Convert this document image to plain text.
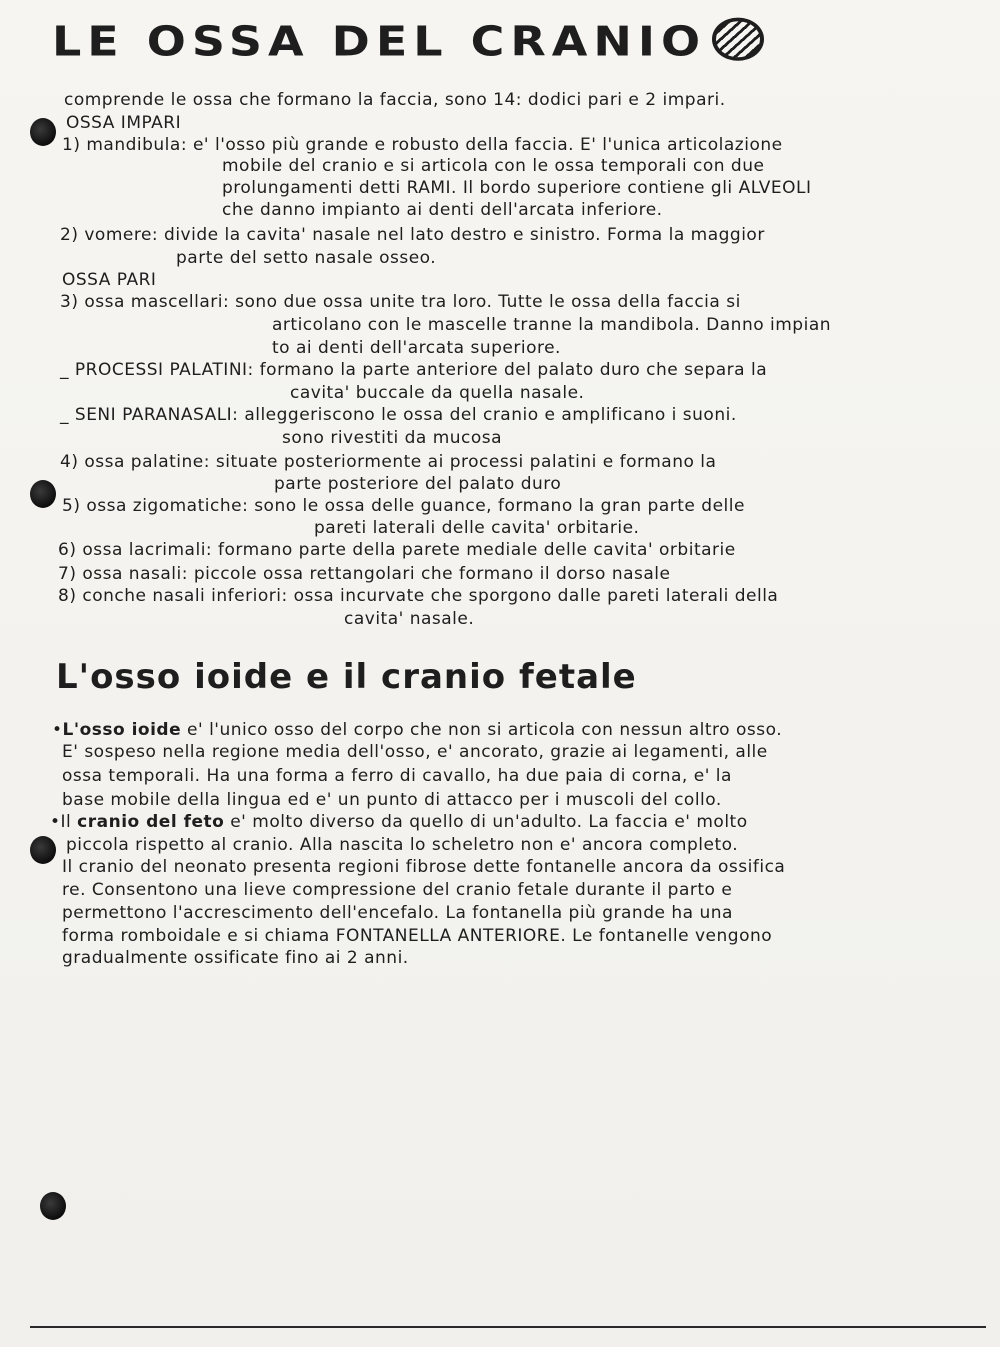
LE OSSA DEL CRANIO
comprende le ossa che formano la faccia, sono 14: dodici pari e 2 impari.
OSSA IMPARI
1) mandibula: e' l'osso più grande e robusto della faccia. E' l'unica articolazione
mobile del cranio e si articola con le ossa temporali con due
prolungamenti detti RAMI. Il bordo superiore contiene gli ALVEOLI
che danno impianto ai denti dell'arcata inferiore.
2) vomere: divide la cavita' nasale nel lato destro e sinistro. Forma la maggior
parte del setto nasale osseo.
OSSA PARI
3) ossa mascellari: sono due ossa unite tra loro. Tutte le ossa della faccia si
articolano con le mascelle tranne la mandibola. Danno impian
to ai denti dell'arcata superiore.
_ PROCESSI PALATINI: formano la parte anteriore del palato duro che separa la
cavita' buccale da quella nasale.
_ SENI PARANASALI: alleggeriscono le ossa del cranio e amplificano i suoni.
sono rivestiti da mucosa
4) ossa palatine: situate posteriormente ai processi palatini e formano la
parte posteriore del palato duro
5) ossa zigomatiche: sono le ossa delle guance, formano la gran parte delle
pareti laterali delle cavita' orbitarie.
6) ossa lacrimali: formano parte della parete mediale delle cavita' orbitarie
7) ossa nasali: piccole ossa rettangolari che formano il dorso nasale
8) conche nasali inferiori: ossa incurvate che sporgono dalle pareti laterali della
cavita' nasale.
L'osso ioide e il cranio fetale
•L'osso ioide e' l'unico osso del corpo che non si articola con nessun altro osso.
E' sospeso nella regione media dell'osso, e' ancorato, grazie ai legamenti, alle
ossa temporali. Ha una forma a ferro di cavallo, ha due paia di corna, e' la
base mobile della lingua ed e' un punto di attacco per i muscoli del collo.
•Il cranio del feto e' molto diverso da quello di un'adulto. La faccia e' molto
piccola rispetto al cranio. Alla nascita lo scheletro non e' ancora completo.
Il cranio del neonato presenta regioni fibrose dette fontanelle ancora da ossifica
re. Consentono una lieve compressione del cranio fetale durante il parto e
permettono l'accrescimento dell'encefalo. La fontanella più grande ha una
forma romboidale e si chiama FONTANELLA ANTERIORE. Le fontanelle vengono
gradualmente ossificate fino ai 2 anni.
